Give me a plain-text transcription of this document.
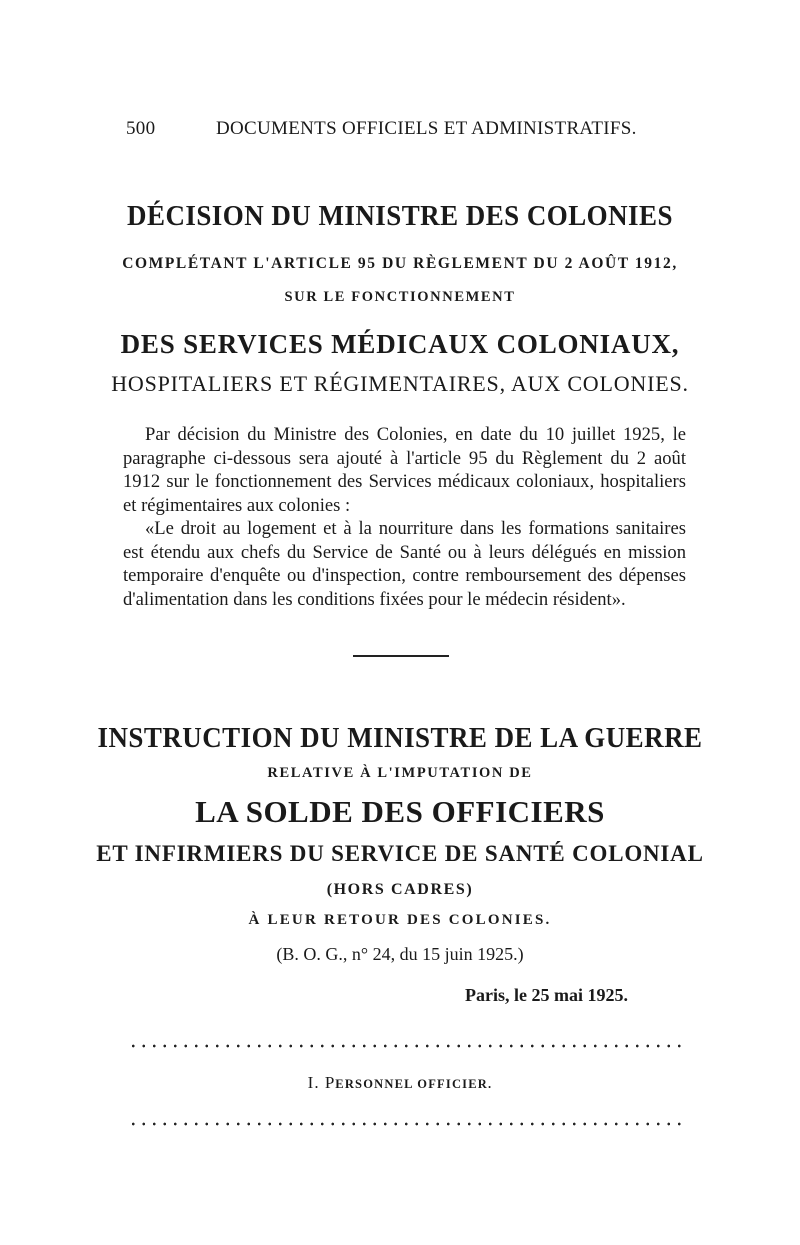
500	DOCUMENTS OFFICIELS ET ADMINISTRATIFS.
DÉCISION DU MINISTRE DES COLONIES
COMPLÉTANT L'ARTICLE 95 DU RÈGLEMENT DU 2 AOÛT 1912,
SUR LE FONCTIONNEMENT
DES SERVICES MÉDICAUX COLONIAUX,
HOSPITALIERS ET RÉGIMENTAIRES, AUX COLONIES.

Par décision du Ministre des Colonies, en date du 10 juillet 1925, le paragraphe ci-dessous sera ajouté à l'article 95 du Règlement du 2 août 1912 sur le fonctionnement des Services médicaux coloniaux, hospitaliers et régimentaires aux colonies :

«Le droit au logement et à la nourriture dans les formations sanitaires est étendu aux chefs du Service de Santé ou à leurs délégués en mission temporaire d'enquête ou d'inspection, contre remboursement des dépenses d'alimentation dans les conditions fixées pour le médecin résident».

INSTRUCTION DU MINISTRE DE LA GUERRE
RELATIVE À L'IMPUTATION DE
LA SOLDE DES OFFICIERS
ET INFIRMIERS DU SERVICE DE SANTÉ COLONIAL
(HORS CADRES)
À LEUR RETOUR DES COLONIES.
(B. O. G., n° 24, du 15 juin 1925.)
Paris, le 25 mai 1925.
I. PERSONNEL OFFICIER.
